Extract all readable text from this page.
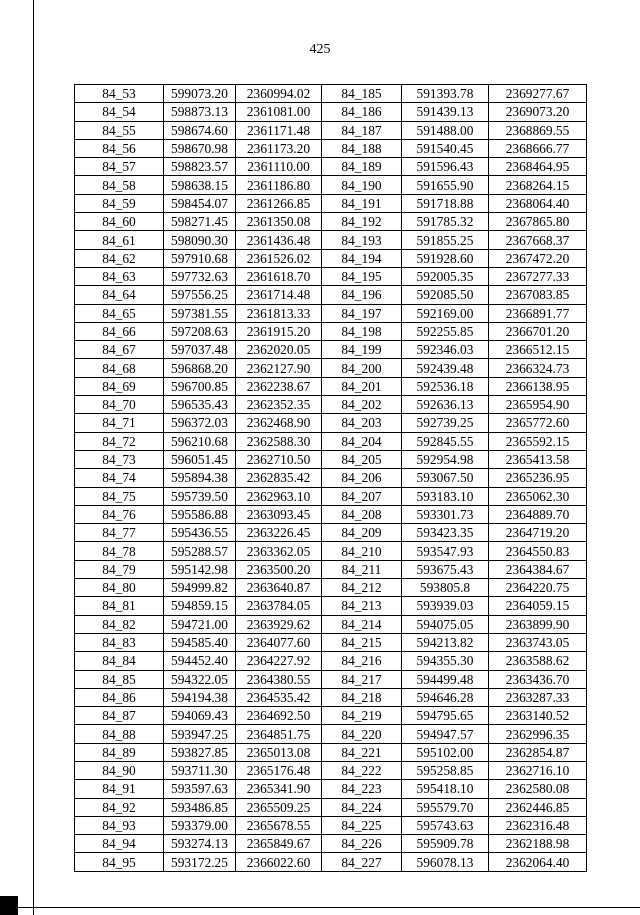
425
84_53	599073.20	2360994.02	84_185	591393.78	2369277.67
84_54	598873.13	2361081.00	84_186	591439.13	2369073.20
84_55	598674.60	2361171.48	84_187	591488.00	2368869.55
84_56	598670.98	2361173.20	84_188	591540.45	2368666.77
84_57	598823.57	2361110.00	84_189	591596.43	2368464.95
84_58	598638.15	2361186.80	84_190	591655.90	2368264.15
84_59	598454.07	2361266.85	84_191	591718.88	2368064.40
84_60	598271.45	2361350.08	84_192	591785.32	2367865.80
84_61	598090.30	2361436.48	84_193	591855.25	2367668.37
84_62	597910.68	2361526.02	84_194	591928.60	2367472.20
84_63	597732.63	2361618.70	84_195	592005.35	2367277.33
84_64	597556.25	2361714.48	84_196	592085.50	2367083.85
84_65	597381.55	2361813.33	84_197	592169.00	2366891.77
84_66	597208.63	2361915.20	84_198	592255.85	2366701.20
84_67	597037.48	2362020.05	84_199	592346.03	2366512.15
84_68	596868.20	2362127.90	84_200	592439.48	2366324.73
84_69	596700.85	2362238.67	84_201	592536.18	2366138.95
84_70	596535.43	2362352.35	84_202	592636.13	2365954.90
84_71	596372.03	2362468.90	84_203	592739.25	2365772.60
84_72	596210.68	2362588.30	84_204	592845.55	2365592.15
84_73	596051.45	2362710.50	84_205	592954.98	2365413.58
84_74	595894.38	2362835.42	84_206	593067.50	2365236.95
84_75	595739.50	2362963.10	84_207	593183.10	2365062.30
84_76	595586.88	2363093.45	84_208	593301.73	2364889.70
84_77	595436.55	2363226.45	84_209	593423.35	2364719.20
84_78	595288.57	2363362.05	84_210	593547.93	2364550.83
84_79	595142.98	2363500.20	84_211	593675.43	2364384.67
84_80	594999.82	2363640.87	84_212	593805.8	2364220.75
84_81	594859.15	2363784.05	84_213	593939.03	2364059.15
84_82	594721.00	2363929.62	84_214	594075.05	2363899.90
84_83	594585.40	2364077.60	84_215	594213.82	2363743.05
84_84	594452.40	2364227.92	84_216	594355.30	2363588.62
84_85	594322.05	2364380.55	84_217	594499.48	2363436.70
84_86	594194.38	2364535.42	84_218	594646.28	2363287.33
84_87	594069.43	2364692.50	84_219	594795.65	2363140.52
84_88	593947.25	2364851.75	84_220	594947.57	2362996.35
84_89	593827.85	2365013.08	84_221	595102.00	2362854.87
84_90	593711.30	2365176.48	84_222	595258.85	2362716.10
84_91	593597.63	2365341.90	84_223	595418.10	2362580.08
84_92	593486.85	2365509.25	84_224	595579.70	2362446.85
84_93	593379.00	2365678.55	84_225	595743.63	2362316.48
84_94	593274.13	2365849.67	84_226	595909.78	2362188.98
84_95	593172.25	2366022.60	84_227	596078.13	2362064.40
